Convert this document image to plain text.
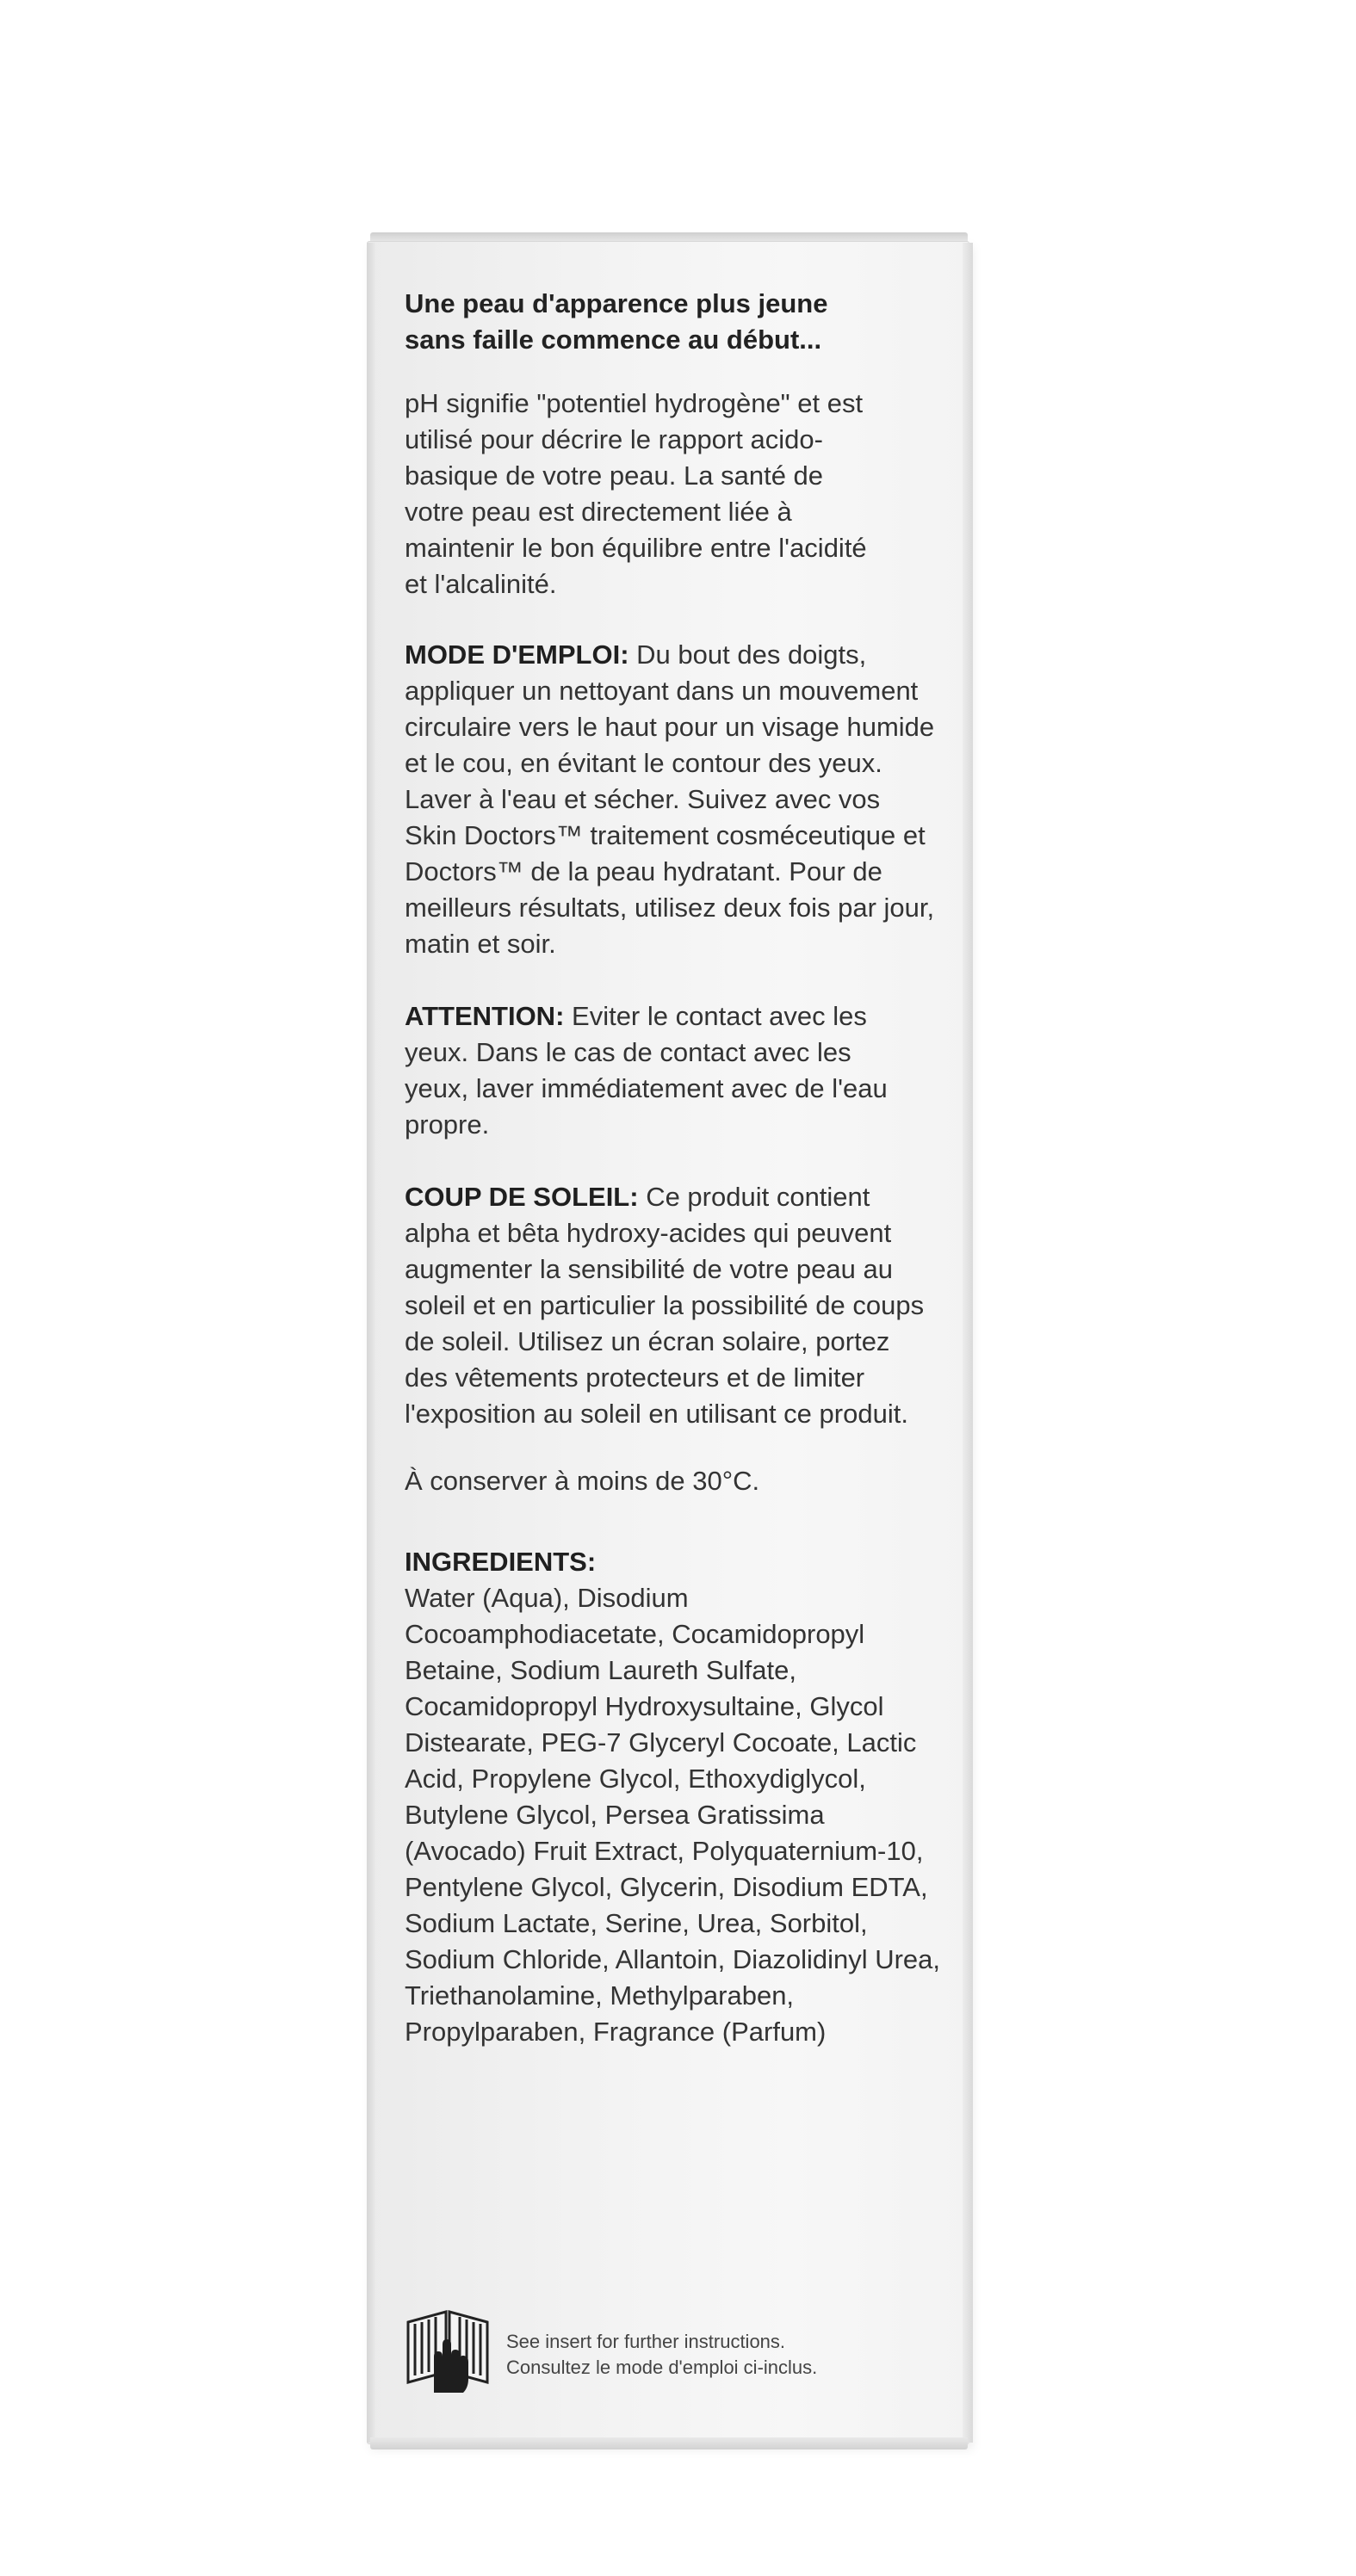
Une peau d'apparence plus jeune
sans faille commence au début...

pH signifie "potentiel hydrogène" et est utilisé pour décrire le rapport acido-basique de votre peau. La santé de votre peau est directement liée à maintenir le bon équilibre entre l'acidité et l'alcalinité.

MODE D'EMPLOI: Du bout des doigts, appliquer un nettoyant dans un mouvement circulaire vers le haut pour un visage humide et le cou, en évitant le contour des yeux. Laver à l'eau et sécher. Suivez avec vos Skin Doctors™ traitement cosméceutique et Doctors™ de la peau hydratant. Pour de meilleurs résultats, utilisez deux fois par jour, matin et soir.

ATTENTION: Eviter le contact avec les yeux. Dans le cas de contact avec les yeux, laver immédiatement avec de l'eau propre.

COUP DE SOLEIL: Ce produit contient alpha et bêta hydroxy-acides qui peuvent augmenter la sensibilité de votre peau au soleil et en particulier la possibilité de coups de soleil. Utilisez un écran solaire, portez des vêtements protecteurs et de limiter l'exposition au soleil en utilisant ce produit.

À conserver à moins de 30°C.

INGREDIENTS:

Water (Aqua), Disodium Cocoamphodiacetate, Cocamidopropyl Betaine, Sodium Laureth Sulfate, Cocamidopropyl Hydroxysultaine, Glycol Distearate, PEG-7 Glyceryl Cocoate, Lactic Acid, Propylene Glycol, Ethoxydiglycol, Butylene Glycol, Persea Gratissima (Avocado) Fruit Extract, Polyquaternium-10, Pentylene Glycol, Glycerin, Disodium EDTA, Sodium Lactate, Serine, Urea, Sorbitol, Sodium Chloride, Allantoin, Diazolidinyl Urea, Triethanolamine, Methylparaben, Propylparaben, Fragrance (Parfum)

See insert for further instructions.
Consultez le mode d'emploi ci-inclus.
